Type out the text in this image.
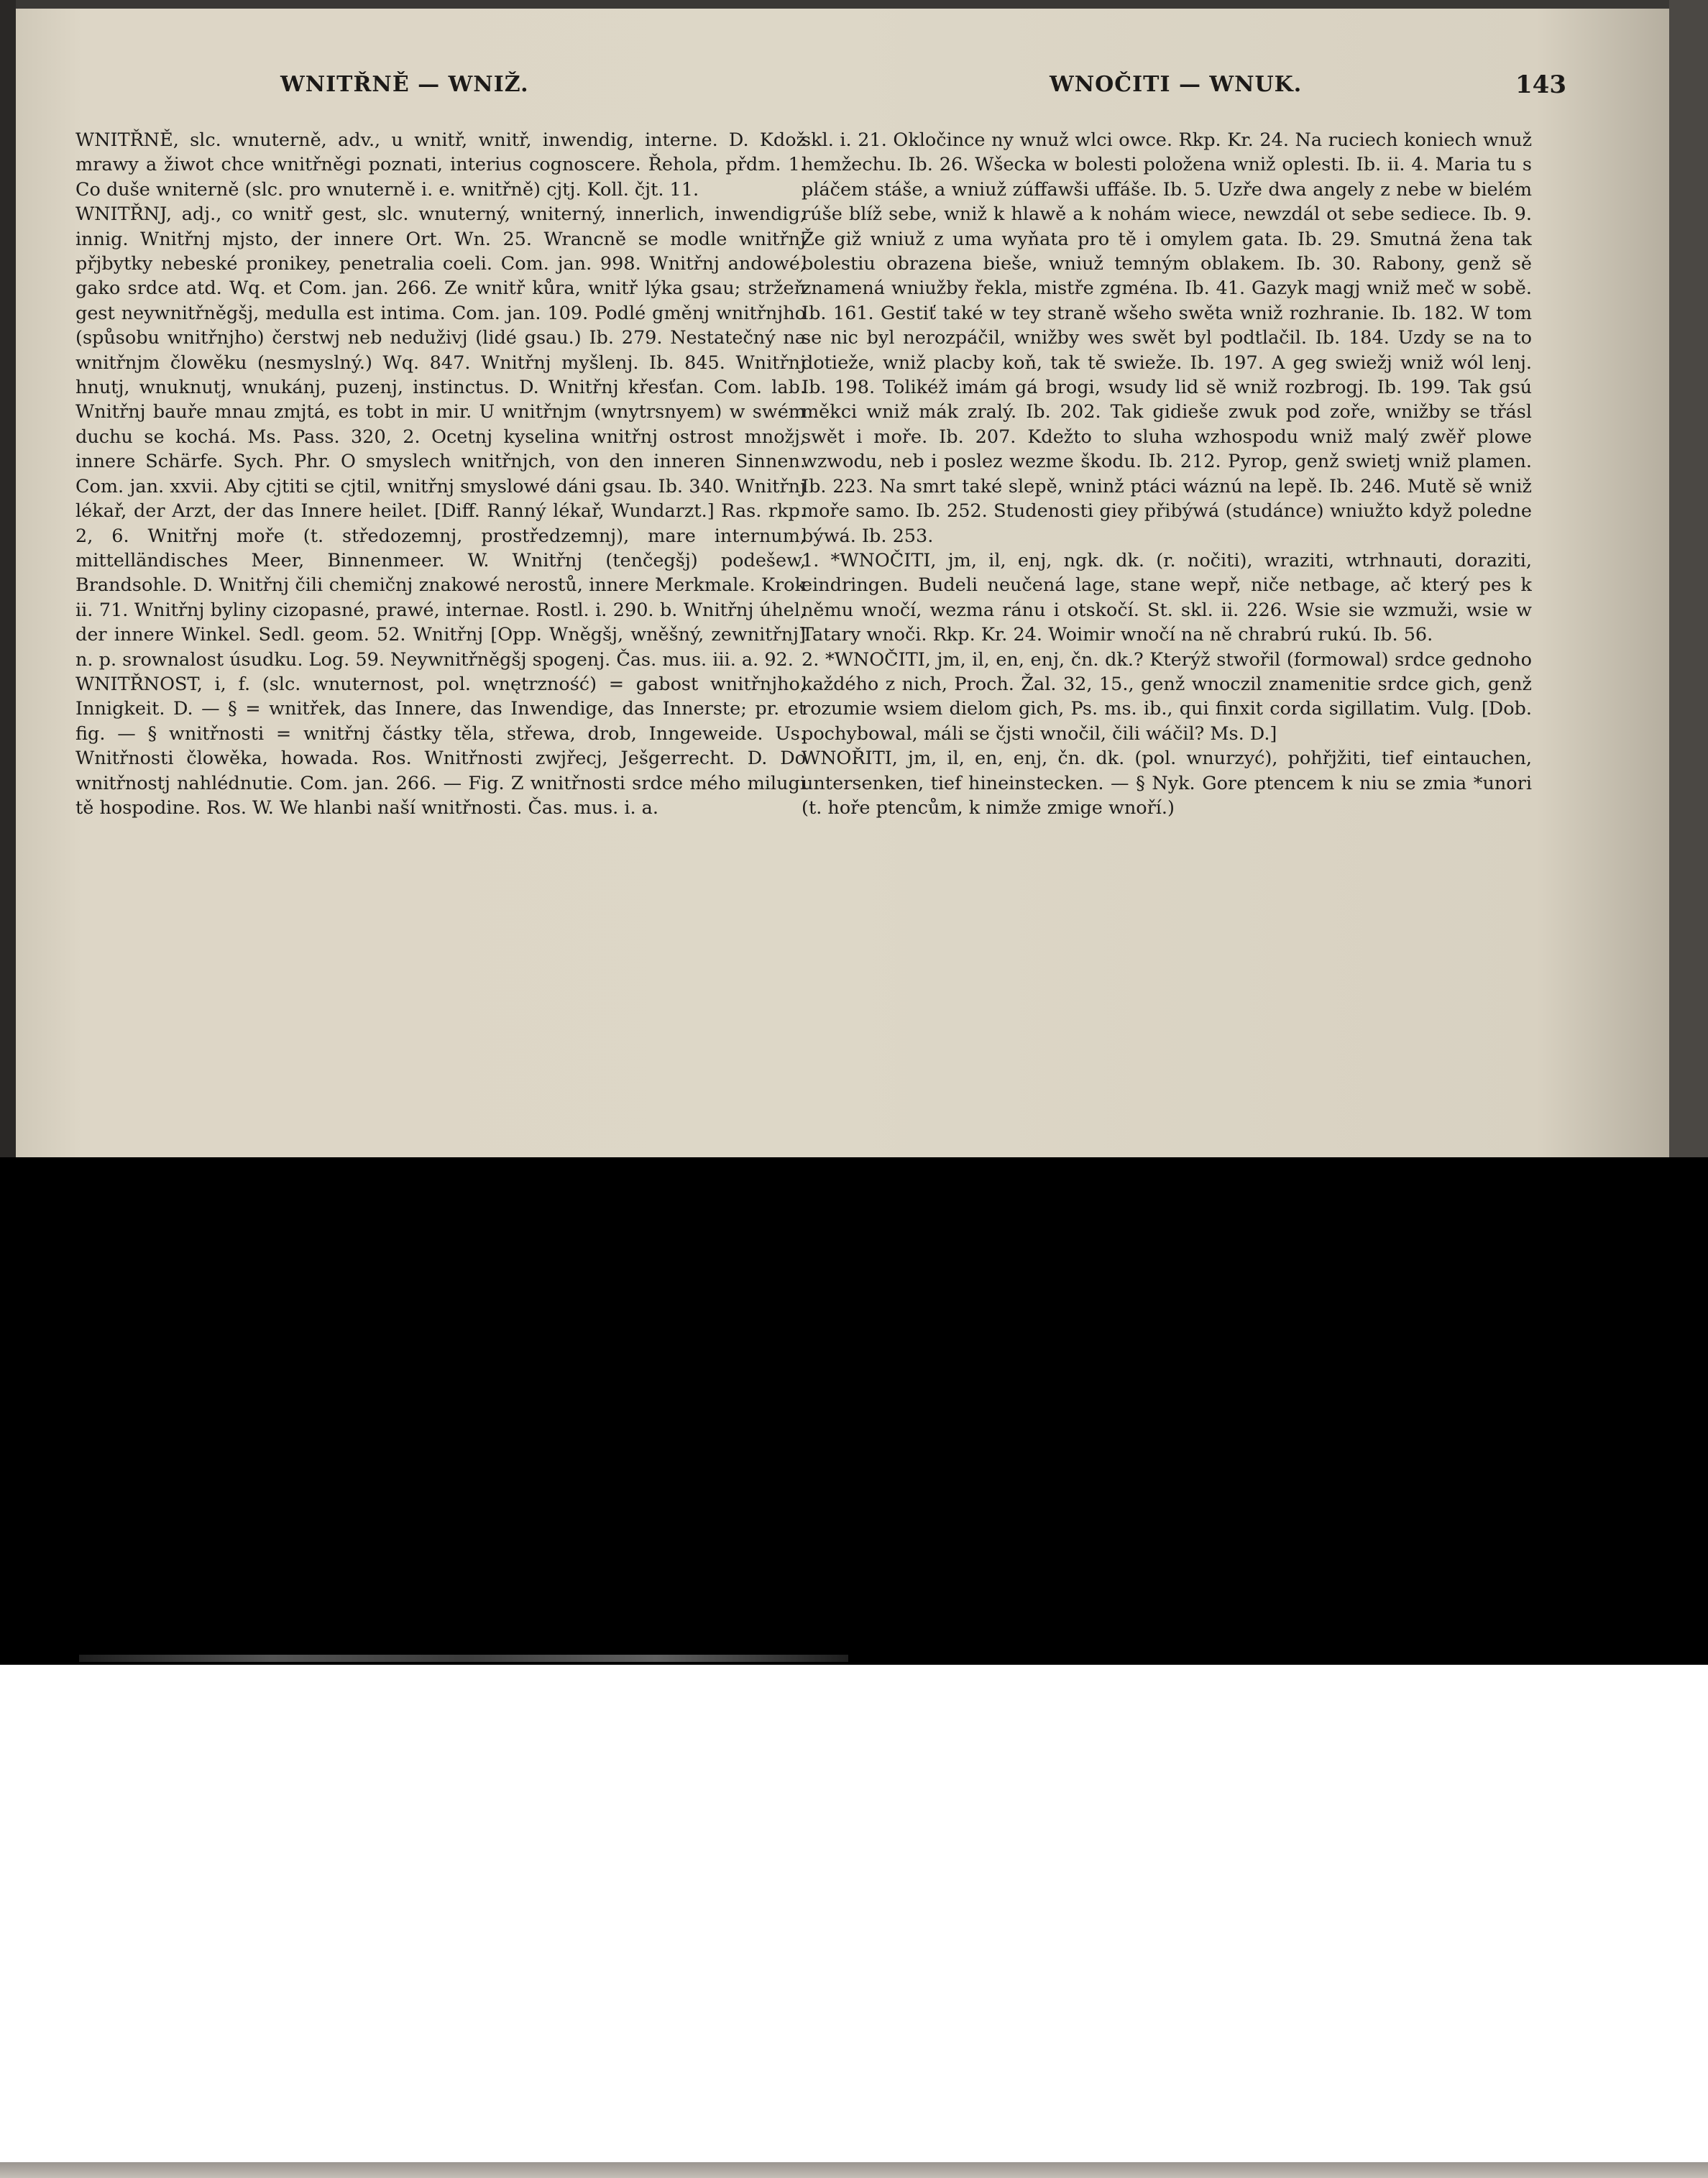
WNITŘNĚ — WNIŽ.	WNOČITI — WNUK.	143

WNITŘNĚ, slc. wnuterně, adv., u wnitř, wnitř, inwendig, interne. D. Kdož mrawy a žiwot chce wnitřněgi poznati, interius cognoscere. Řehola, přdm. 1. Co duše wniterně (slc. pro wnuterně i. e. wnitřně) cjtj. Koll. čjt. 11.

WNITŘNJ, adj., co wnitř gest, slc. wnuterný, wniterný, innerlich, inwendig, innig. Wnitřnj mjsto, der innere Ort. Wn. 25. Wrancně se modle wnitřnj přjbytky nebeské pronikey, penetralia coeli. Com. jan. 998. Wnitřnj andowé, gako srdce atd. Wq. et Com. jan. 266. Ze wnitř kůra, wnitř lýka gsau; stržeň gest neywnitřněgšj, medulla est intima. Com. jan. 109. Podlé gměnj wnitřnjho (spůsobu wnitřnjho) čerstwj neb neduživj (lidé gsau.) Ib. 279. Nestatečný na wnitřnjm člowěku (nesmyslný.) Wq. 847. Wnitřnj myšlenj. Ib. 845. Wnitřnj hnutj, wnuknutj, wnukánj, puzenj, instinctus. D. Wnitřnj křesťan. Com. lab. Wnitřnj bauře mnau zmjtá, es tobt in mir. U wnitřnjm (wnytrsnyem) w swém duchu se kochá. Ms. Pass. 320, 2. Ocetnj kyselina wnitřnj ostrost množj, innere Schärfe. Sych. Phr. O smyslech wnitřnjch, von den inneren Sinnen. Com. jan. xxvii. Aby cjtiti se cjtil, wnitřnj smyslowé dáni gsau. Ib. 340. Wnitřnj lékař, der Arzt, der das Innere heilet. [Diff. Ranný lékař, Wundarzt.] Ras. rkp. 2, 6. Wnitřnj moře (t. středozemnj, prostředzemnj), mare internum, mittelländisches Meer, Binnenmeer. W. Wnitřnj (tenčegšj) podešew, Brandsohle. D. Wnitřnj čili chemičnj znakowé nerostů, innere Merkmale. Krok ii. 71. Wnitřnj byliny cizopasné, prawé, internae. Rostl. i. 290. b. Wnitřnj úhel, der innere Winkel. Sedl. geom. 52. Wnitřnj [Opp. Wněgšj, wněšný, zewnitřnj] n. p. srownalost úsudku. Log. 59. Neywnitřněgšj spogenj. Čas. mus. iii. a. 92.

WNITŘNOST, i, f. (slc. wnuternost, pol. wnętrzność) = gabost wnitřnjho, Innigkeit. D. — § = wnitřek, das Innere, das Inwendige, das Innerste; pr. et fig. — § wnitřnosti = wnitřnj částky těla, střewa, drob, Inngeweide. Us. Wnitřnosti člowěka, howada. Ros. Wnitřnosti zwjřecj, Ješgerrecht. D. Do wnitřnostj nahlédnutie. Com. jan. 266. — Fig. Z wnitřnosti srdce mého milugi tě hospodine. Ros. W. We hlanbi naší wnitřnosti. Čas. mus. i. a.

skl. i. 21. Okločince ny wnuž wlci owce. Rkp. Kr. 24. Na ruciech koniech wnuž hemžechu. Ib. 26. Wšecka w bolesti položena wniž oplesti. Ib. ii. 4. Maria tu s pláčem stáše, a wniuž zúffawši uffáše. Ib. 5. Uzře dwa angely z nebe w bielém rúše blíž sebe, wniž k hlawě a k nohám wiece, newzdál ot sebe sediece. Ib. 9. Že giž wniuž z uma wyňata pro tě i omylem gata. Ib. 29. Smutná žena tak bolestiu obrazena bieše, wniuž temným oblakem. Ib. 30. Rabony, genž sě znamená wniužby řekla, mistře zgména. Ib. 41. Gazyk magj wniž meč w sobě. Ib. 161. Gestiť také w tey straně wšeho swěta wniž rozhranie. Ib. 182. W tom se nic byl nerozpáčil, wnižby wes swět byl podtlačil. Ib. 184. Uzdy se na to dotieže, wniž placby koň, tak tě swieže. Ib. 197. A geg swiežj wniž wól lenj. Ib. 198. Tolikéž imám gá brogi, wsudy lid sě wniž rozbrogj. Ib. 199. Tak gsú měkci wniž mák zralý. Ib. 202. Tak gidieše zwuk pod zoře, wnižby se třásl swět i moře. Ib. 207. Kdežto to sluha wzhospodu wniž malý zwěř plowe wzwodu, neb i poslez wezme škodu. Ib. 212. Pyrop, genž swietj wniž plamen. Ib. 223. Na smrt také slepě, wninž ptáci wáznú na lepě. Ib. 246. Mutě sě wniž moře samo. Ib. 252. Studenosti giey přibýwá (studánce) wniužto když poledne býwá. Ib. 253.

1. *WNOČITI, jm, il, enj, ngk. dk. (r. nočiti), wraziti, wtrhnauti, doraziti, eindringen. Budeli neučená lage, stane wepř, niče netbage, ač který pes k němu wnočí, wezma ránu i otskočí. St. skl. ii. 226. Wsie sie wzmuži, wsie w Tatary wnoči. Rkp. Kr. 24. Woimir wnočí na ně chrabrú rukú. Ib. 56.

2. *WNOČITI, jm, il, en, enj, čn. dk.? Kterýž stwořil (formowal) srdce gednoho každého z nich, Proch. Žal. 32, 15., genž wnoczil znamenitie srdce gich, genž rozumie wsiem dielom gich, Ps. ms. ib., qui finxit corda sigillatim. Vulg. [Dob. pochybowal, máli se čjsti wnočil, čili wáčil? Ms. D.]

WNOŘITI, jm, il, en, enj, čn. dk. (pol. wnurzyć), pohřjžiti, tief eintauchen, untersenken, tief hineinstecken. — § Nyk. Gore ptencem k niu se zmia *unori (t. hoře ptencům, k nimže zmige wnoří.)
